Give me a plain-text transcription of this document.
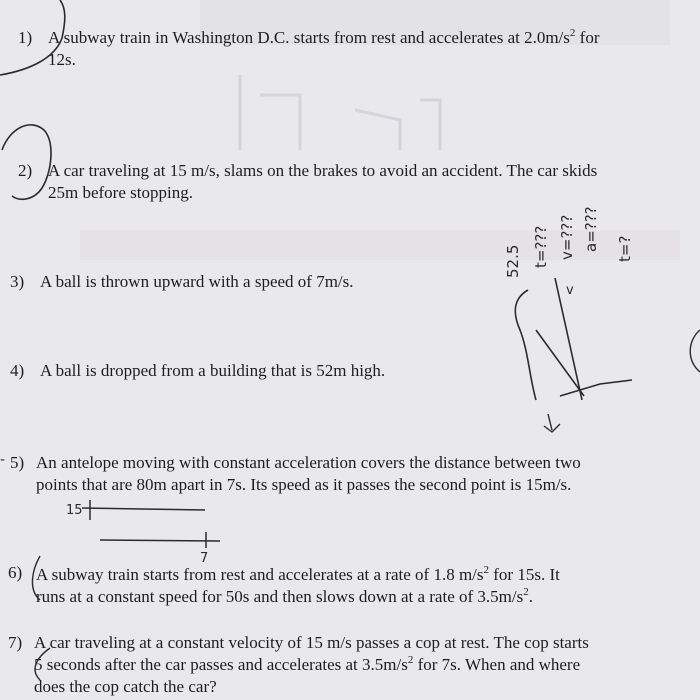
1) A subway train in Washington D.C. starts from rest and accelerates at $2.0m/s^2$ for
12s.
2) A car traveling at 15 m/s, slams on the brakes to avoid an accident. The car skids
25m before stopping.
3) A ball is thrown upward with a speed of 7m/s.
4) A ball is dropped from a building that is 52m high.
5) An antelope moving with constant acceleration covers the distance between two
points that are 80m apart in 7s. Its speed as it passes the second point is 15m/s.
6) A subway train starts from rest and accelerates at a rate of 1.8 $m/s^2$ for 15s. It
runs at a constant speed for 50s and then slows down at a rate of $3.5m/s^2$.
7) A car traveling at a constant velocity of 15 m/s passes a cop at rest. The cop starts
5 seconds after the car passes and accelerates at $3.5m/s^2$ for 7s. When and where
does the cop catch the car?
-
52.5 t=??? v=??? a=??? t=?
v
15
7
